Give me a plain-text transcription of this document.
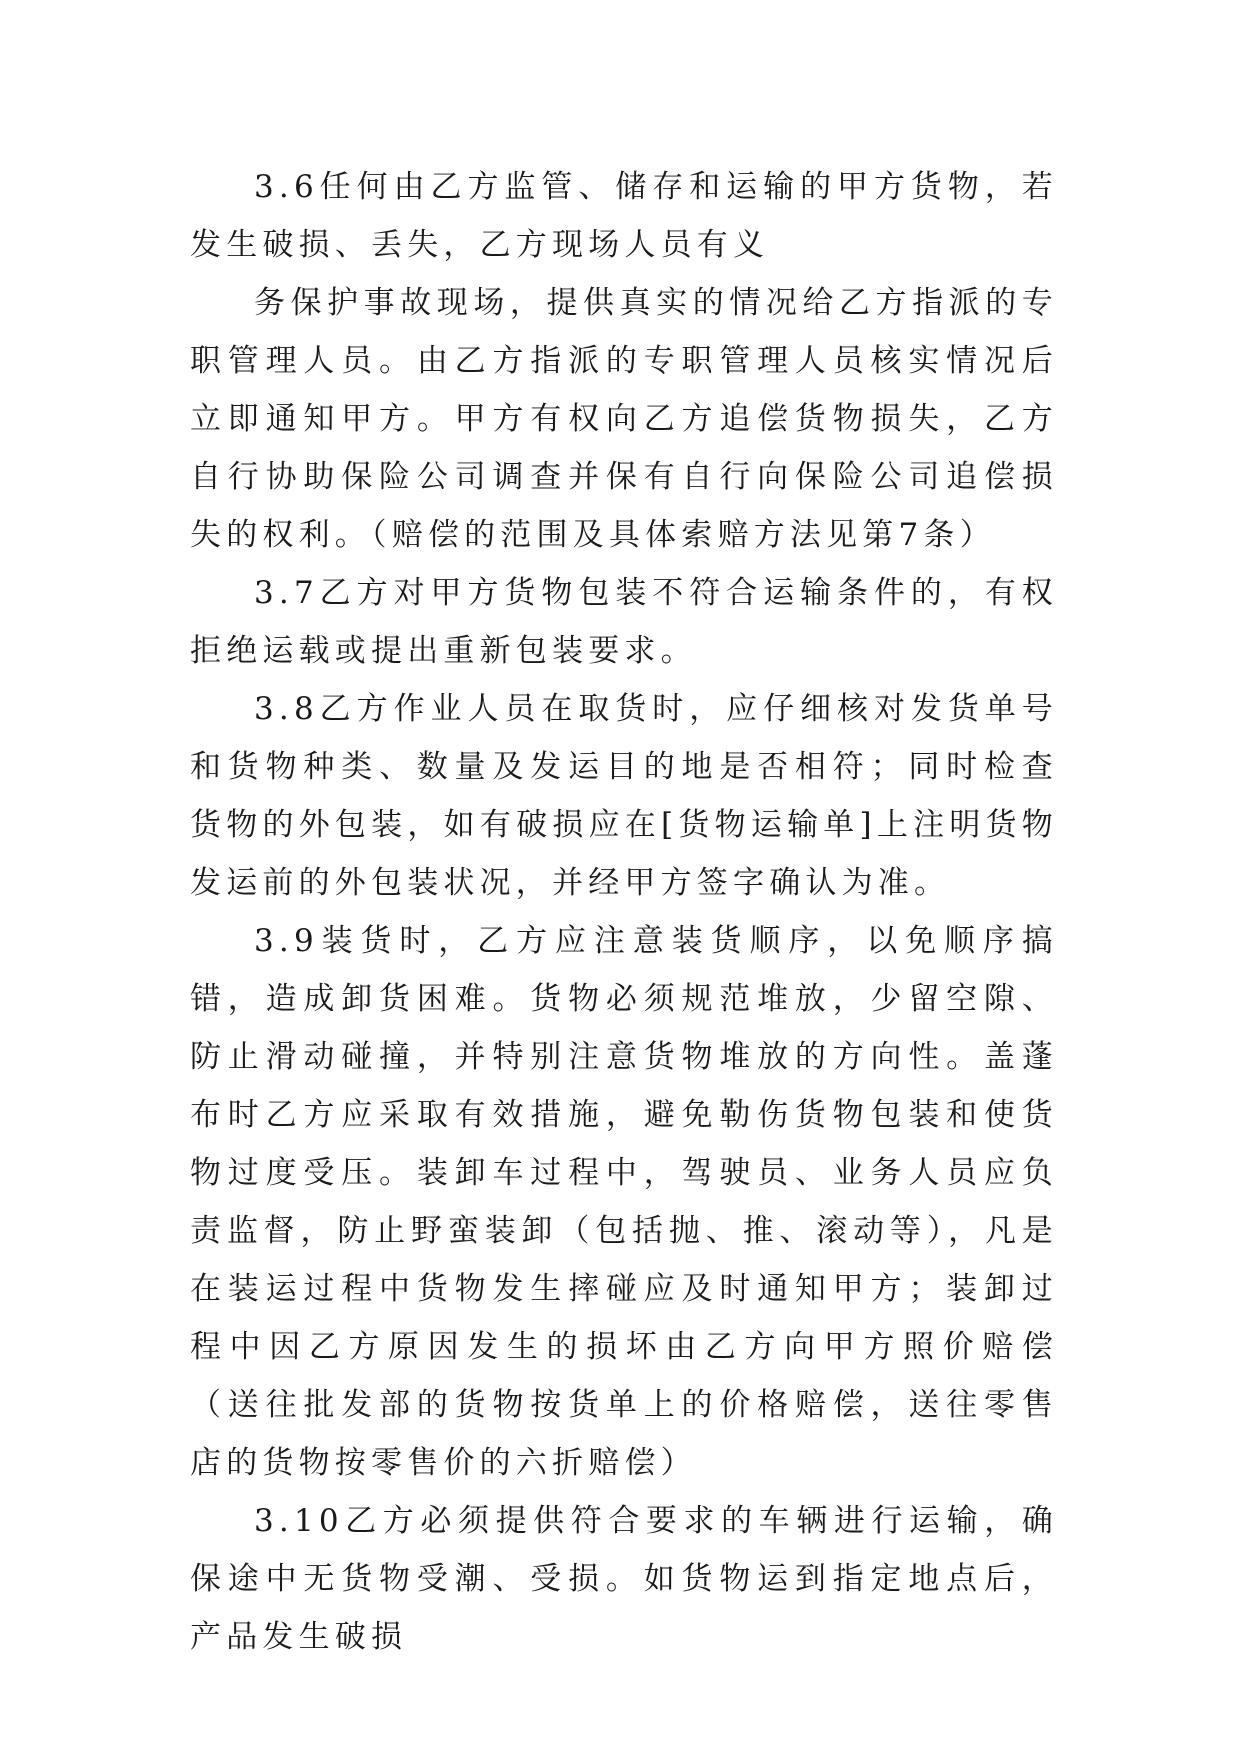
3.6任何由乙方监管、储存和运输的甲方货物，若发生破损、丢失，乙方现场人员有义

务保护事故现场，提供真实的情况给乙方指派的专职管理人员。由乙方指派的专职管理人员核实情况后立即通知甲方。甲方有权向乙方追偿货物损失，乙方自行协助保险公司调查并保有自行向保险公司追偿损失的权利。（赔偿的范围及具体索赔方法见第7条）

3.7乙方对甲方货物包装不符合运输条件的，有权拒绝运载或提出重新包装要求。

3.8乙方作业人员在取货时，应仔细核对发货单号和货物种类、数量及发运目的地是否相符；同时检查货物的外包装，如有破损应在[货物运输单]上注明货物发运前的外包装状况，并经甲方签字确认为准。

3.9装货时，乙方应注意装货顺序，以免顺序搞错，造成卸货困难。货物必须规范堆放，少留空隙、防止滑动碰撞，并特别注意货物堆放的方向性。盖蓬布时乙方应采取有效措施，避免勒伤货物包装和使货物过度受压。装卸车过程中，驾驶员、业务人员应负责监督，防止野蛮装卸（包括抛、推、滚动等），凡是在装运过程中货物发生摔碰应及时通知甲方；装卸过程中因乙方原因发生的损坏由乙方向甲方照价赔偿（送往批发部的货物按货单上的价格赔偿，送往零售店的货物按零售价的六折赔偿）

3.10乙方必须提供符合要求的车辆进行运输，确保途中无货物受潮、受损。如货物运到指定地点后，产品发生破损
